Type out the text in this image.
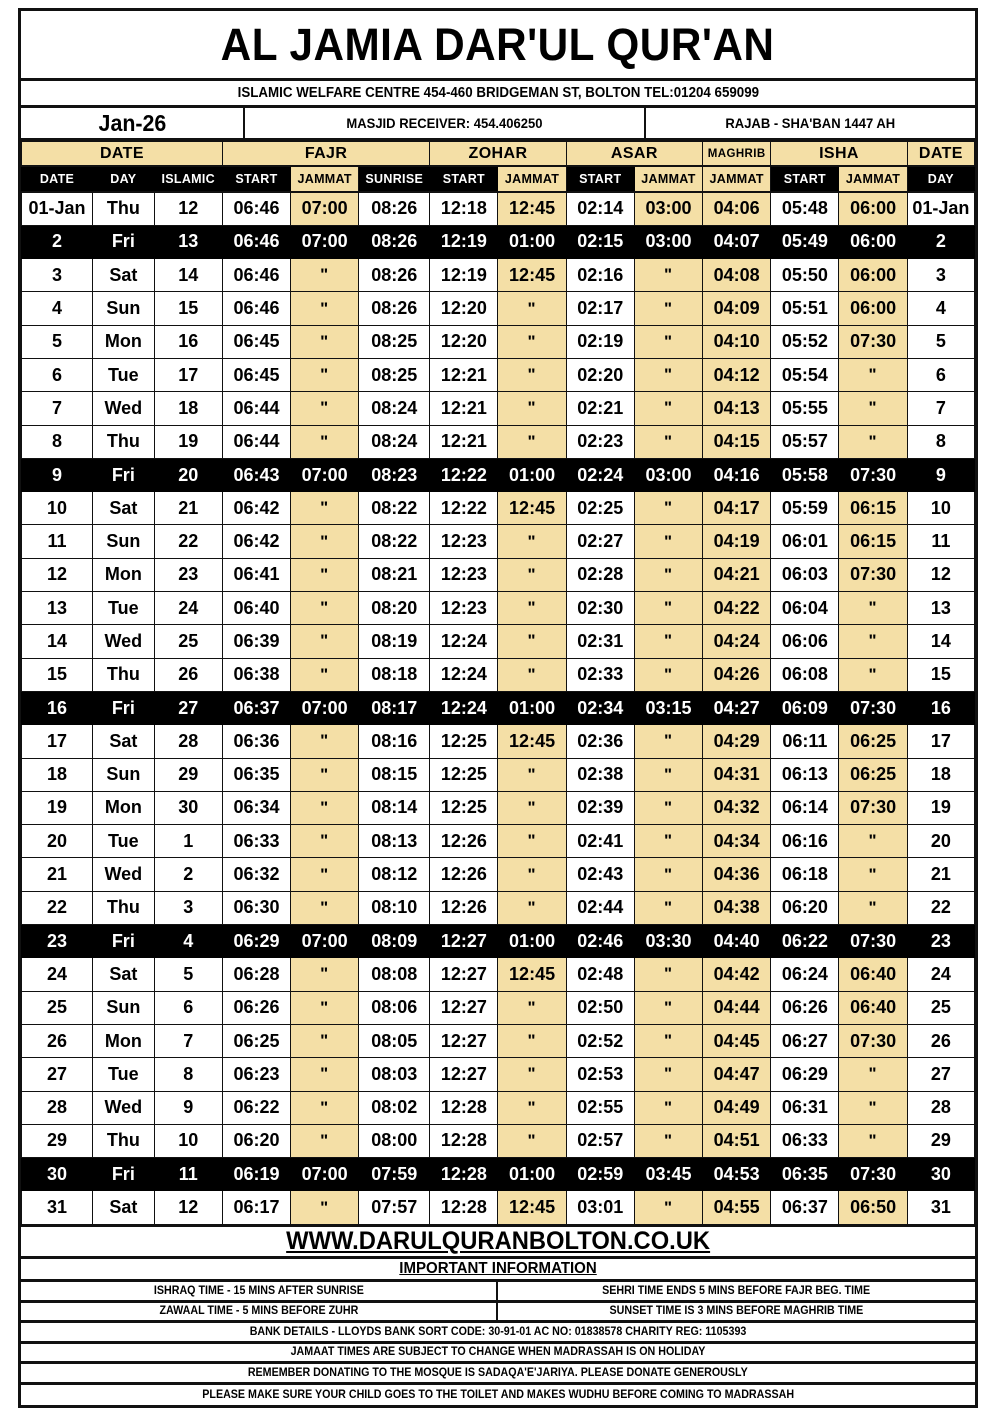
AL JAMIA DAR'UL QUR'AN
ISLAMIC WELFARE CENTRE 454-460 BRIDGEMAN ST, BOLTON TEL:01204 659099
Jan-26	MASJID RECEIVER: 454.406250	RAJAB - SHA'BAN 1447 AH
DATE			FAJR			ZOHAR		ASAR		MAGHRIB	ISHA		DATE
DATE	DAY	ISLAMIC	START	JAMMAT	SUNRISE	START	JAMMAT	START	JAMMAT	JAMMAT	START	JAMMAT	DAY
01-Jan	Thu	12	06:46	07:00	08:26	12:18	12:45	02:14	03:00	04:06	05:48	06:00	01-Jan
2	Fri	13	06:46	07:00	08:26	12:19	01:00	02:15	03:00	04:07	05:49	06:00	2
3	Sat	14	06:46	"	08:26	12:19	12:45	02:16	"	04:08	05:50	06:00	3
4	Sun	15	06:46	"	08:26	12:20	"	02:17	"	04:09	05:51	06:00	4
5	Mon	16	06:45	"	08:25	12:20	"	02:19	"	04:10	05:52	07:30	5
6	Tue	17	06:45	"	08:25	12:21	"	02:20	"	04:12	05:54	"	6
7	Wed	18	06:44	"	08:24	12:21	"	02:21	"	04:13	05:55	"	7
8	Thu	19	06:44	"	08:24	12:21	"	02:23	"	04:15	05:57	"	8
9	Fri	20	06:43	07:00	08:23	12:22	01:00	02:24	03:00	04:16	05:58	07:30	9
10	Sat	21	06:42	"	08:22	12:22	12:45	02:25	"	04:17	05:59	06:15	10
11	Sun	22	06:42	"	08:22	12:23	"	02:27	"	04:19	06:01	06:15	11
12	Mon	23	06:41	"	08:21	12:23	"	02:28	"	04:21	06:03	07:30	12
13	Tue	24	06:40	"	08:20	12:23	"	02:30	"	04:22	06:04	"	13
14	Wed	25	06:39	"	08:19	12:24	"	02:31	"	04:24	06:06	"	14
15	Thu	26	06:38	"	08:18	12:24	"	02:33	"	04:26	06:08	"	15
16	Fri	27	06:37	07:00	08:17	12:24	01:00	02:34	03:15	04:27	06:09	07:30	16
17	Sat	28	06:36	"	08:16	12:25	12:45	02:36	"	04:29	06:11	06:25	17
18	Sun	29	06:35	"	08:15	12:25	"	02:38	"	04:31	06:13	06:25	18
19	Mon	30	06:34	"	08:14	12:25	"	02:39	"	04:32	06:14	07:30	19
20	Tue	1	06:33	"	08:13	12:26	"	02:41	"	04:34	06:16	"	20
21	Wed	2	06:32	"	08:12	12:26	"	02:43	"	04:36	06:18	"	21
22	Thu	3	06:30	"	08:10	12:26	"	02:44	"	04:38	06:20	"	22
23	Fri	4	06:29	07:00	08:09	12:27	01:00	02:46	03:30	04:40	06:22	07:30	23
24	Sat	5	06:28	"	08:08	12:27	12:45	02:48	"	04:42	06:24	06:40	24
25	Sun	6	06:26	"	08:06	12:27	"	02:50	"	04:44	06:26	06:40	25
26	Mon	7	06:25	"	08:05	12:27	"	02:52	"	04:45	06:27	07:30	26
27	Tue	8	06:23	"	08:03	12:27	"	02:53	"	04:47	06:29	"	27
28	Wed	9	06:22	"	08:02	12:28	"	02:55	"	04:49	06:31	"	28
29	Thu	10	06:20	"	08:00	12:28	"	02:57	"	04:51	06:33	"	29
30	Fri	11	06:19	07:00	07:59	12:28	01:00	02:59	03:45	04:53	06:35	07:30	30
31	Sat	12	06:17	"	07:57	12:28	12:45	03:01	"	04:55	06:37	06:50	31
WWW.DARULQURANBOLTON.CO.UK
IMPORTANT INFORMATION
ISHRAQ TIME - 15 MINS AFTER SUNRISE	SEHRI TIME ENDS 5 MINS BEFORE FAJR BEG. TIME
ZAWAAL TIME - 5 MINS BEFORE ZUHR	SUNSET TIME IS 3 MINS BEFORE MAGHRIB TIME
BANK DETAILS - LLOYDS BANK SORT CODE: 30-91-01 AC NO: 01838578 CHARITY REG: 1105393
JAMAAT TIMES ARE SUBJECT TO CHANGE WHEN MADRASSAH IS ON HOLIDAY
REMEMBER DONATING TO THE MOSQUE IS SADAQA'E'JARIYA. PLEASE DONATE GENEROUSLY
PLEASE MAKE SURE YOUR CHILD GOES TO THE TOILET AND MAKES WUDHU BEFORE COMING TO MADRASSAH
